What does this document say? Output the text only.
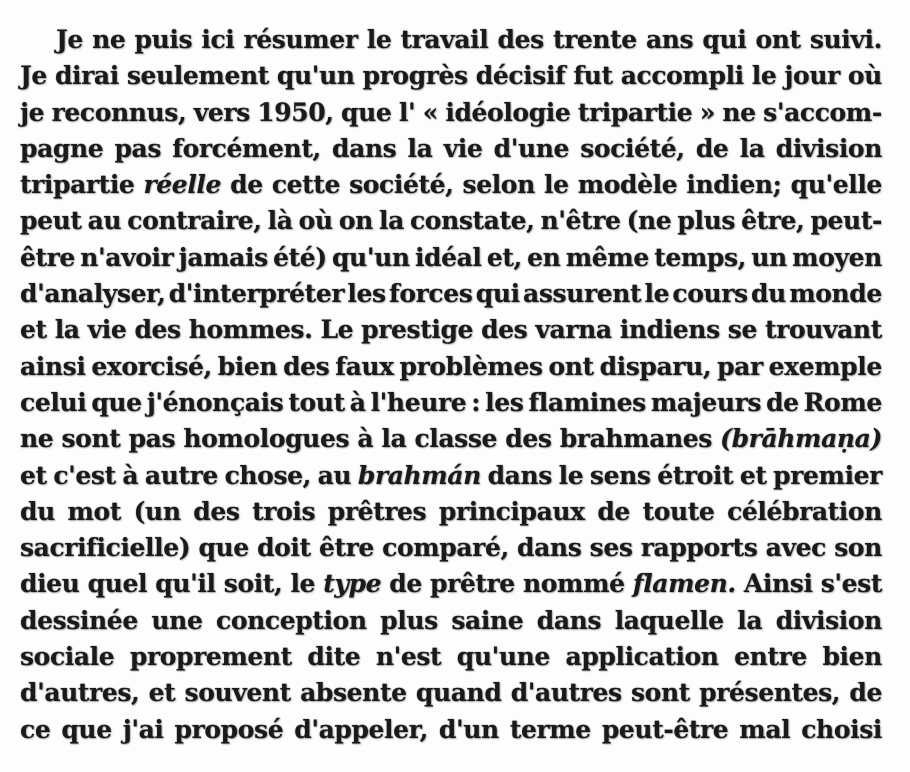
Je ne puis ici résumer le travail des trente ans qui ont suivi.
Je dirai seulement qu'un progrès décisif fut accompli le jour où
je reconnus, vers 1950, que l' « idéologie tripartie » ne s'accom-
pagne pas forcément, dans la vie d'une société, de la division
tripartie réelle de cette société, selon le modèle indien; qu'elle
peut au contraire, là où on la constate, n'être (ne plus être, peut-
être n'avoir jamais été) qu'un idéal et, en même temps, un moyen
d'analyser, d'interpréter les forces qui assurent le cours du monde
et la vie des hommes. Le prestige des varna indiens se trouvant
ainsi exorcisé, bien des faux problèmes ont disparu, par exemple
celui que j'énonçais tout à l'heure : les flamines majeurs de Rome
ne sont pas homologues à la classe des brahmanes (brāhmaṇa)
et c'est à autre chose, au brahmán dans le sens étroit et premier
du mot (un des trois prêtres principaux de toute célébration
sacrificielle) que doit être comparé, dans ses rapports avec son
dieu quel qu'il soit, le type de prêtre nommé flamen. Ainsi s'est
dessinée une conception plus saine dans laquelle la division
sociale proprement dite n'est qu'une application entre bien
d'autres, et souvent absente quand d'autres sont présentes, de
ce que j'ai proposé d'appeler, d'un terme peut-être mal choisi
